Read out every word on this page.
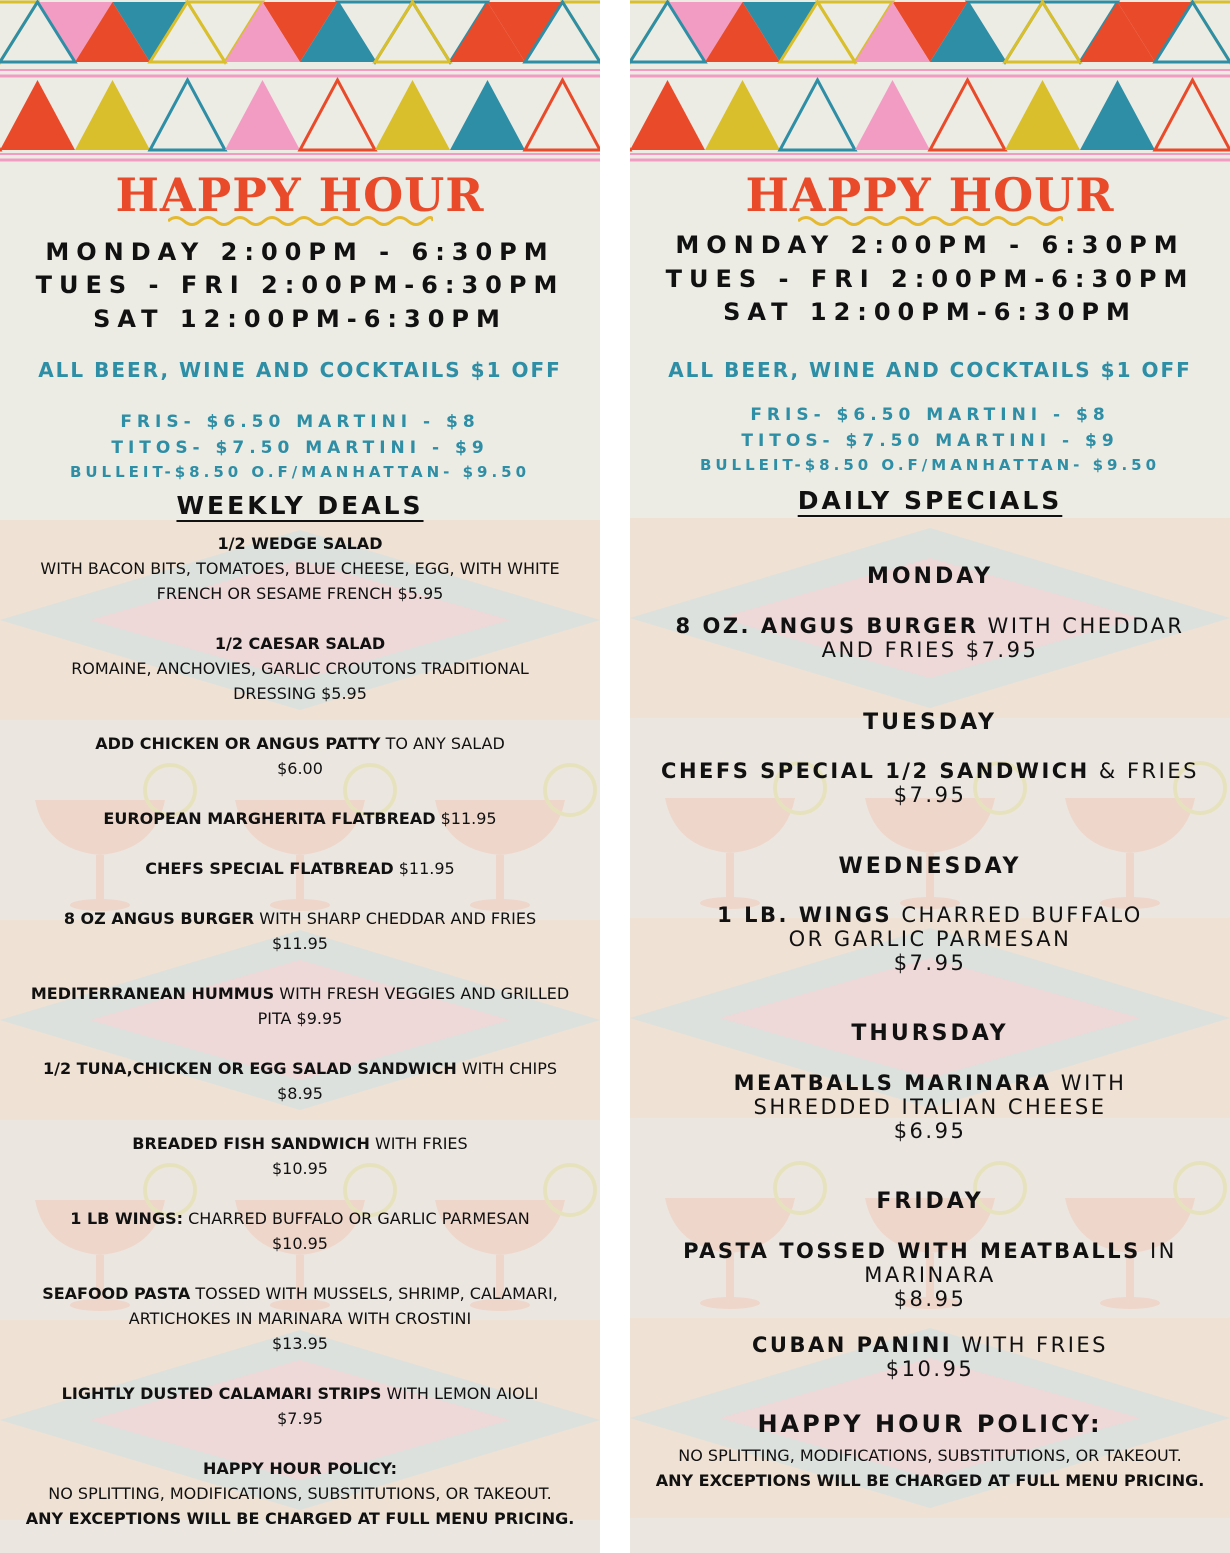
HAPPY HOUR
MONDAY 2:00PM - 6:30PM
TUES - FRI 2:00PM-6:30PM
SAT 12:00PM-6:30PM
ALL BEER, WINE AND COCKTAILS $1 OFF
FRIS- $6.50 MARTINI - $8
TITOS- $7.50 MARTINI - $9
BULLEIT-$8.50 O.F/MANHATTAN- $9.50
WEEKLY DEALS
1/2 WEDGE SALAD
WITH BACON BITS, TOMATOES, BLUE CHEESE, EGG, WITH WHITE
FRENCH OR SESAME FRENCH $5.95
1/2 CAESAR SALAD
ROMAINE, ANCHOVIES, GARLIC CROUTONS TRADITIONAL
DRESSING $5.95
ADD CHICKEN OR ANGUS PATTY TO ANY SALAD
$6.00
EUROPEAN MARGHERITA FLATBREAD $11.95
CHEFS SPECIAL FLATBREAD $11.95
8 OZ ANGUS BURGER WITH SHARP CHEDDAR AND FRIES
$11.95
MEDITERRANEAN HUMMUS WITH FRESH VEGGIES AND GRILLED
PITA $9.95
1/2 TUNA,CHICKEN OR EGG SALAD SANDWICH WITH CHIPS
$8.95
BREADED FISH SANDWICH WITH FRIES
$10.95
1 LB WINGS: CHARRED BUFFALO OR GARLIC PARMESAN
$10.95
SEAFOOD PASTA TOSSED WITH MUSSELS, SHRIMP, CALAMARI,
ARTICHOKES IN MARINARA WITH CROSTINI
$13.95
LIGHTLY DUSTED CALAMARI STRIPS WITH LEMON AIOLI
$7.95
HAPPY HOUR POLICY:
NO SPLITTING, MODIFICATIONS, SUBSTITUTIONS, OR TAKEOUT.
ANY EXCEPTIONS WILL BE CHARGED AT FULL MENU PRICING.
HAPPY HOUR
MONDAY 2:00PM - 6:30PM
TUES - FRI 2:00PM-6:30PM
SAT 12:00PM-6:30PM
ALL BEER, WINE AND COCKTAILS $1 OFF
FRIS- $6.50 MARTINI - $8
TITOS- $7.50 MARTINI - $9
BULLEIT-$8.50 O.F/MANHATTAN- $9.50
DAILY SPECIALS
MONDAY
8 OZ. ANGUS BURGER WITH CHEDDAR
AND FRIES $7.95
TUESDAY
CHEFS SPECIAL 1/2 SANDWICH & FRIES
$7.95
WEDNESDAY
1 LB. WINGS CHARRED BUFFALO
OR GARLIC PARMESAN
$7.95
THURSDAY
MEATBALLS MARINARA WITH
SHREDDED ITALIAN CHEESE
$6.95
FRIDAY
PASTA TOSSED WITH MEATBALLS IN
MARINARA
$8.95
CUBAN PANINI WITH FRIES
$10.95
HAPPY HOUR POLICY:
NO SPLITTING, MODIFICATIONS, SUBSTITUTIONS, OR TAKEOUT.
ANY EXCEPTIONS WILL BE CHARGED AT FULL MENU PRICING.
